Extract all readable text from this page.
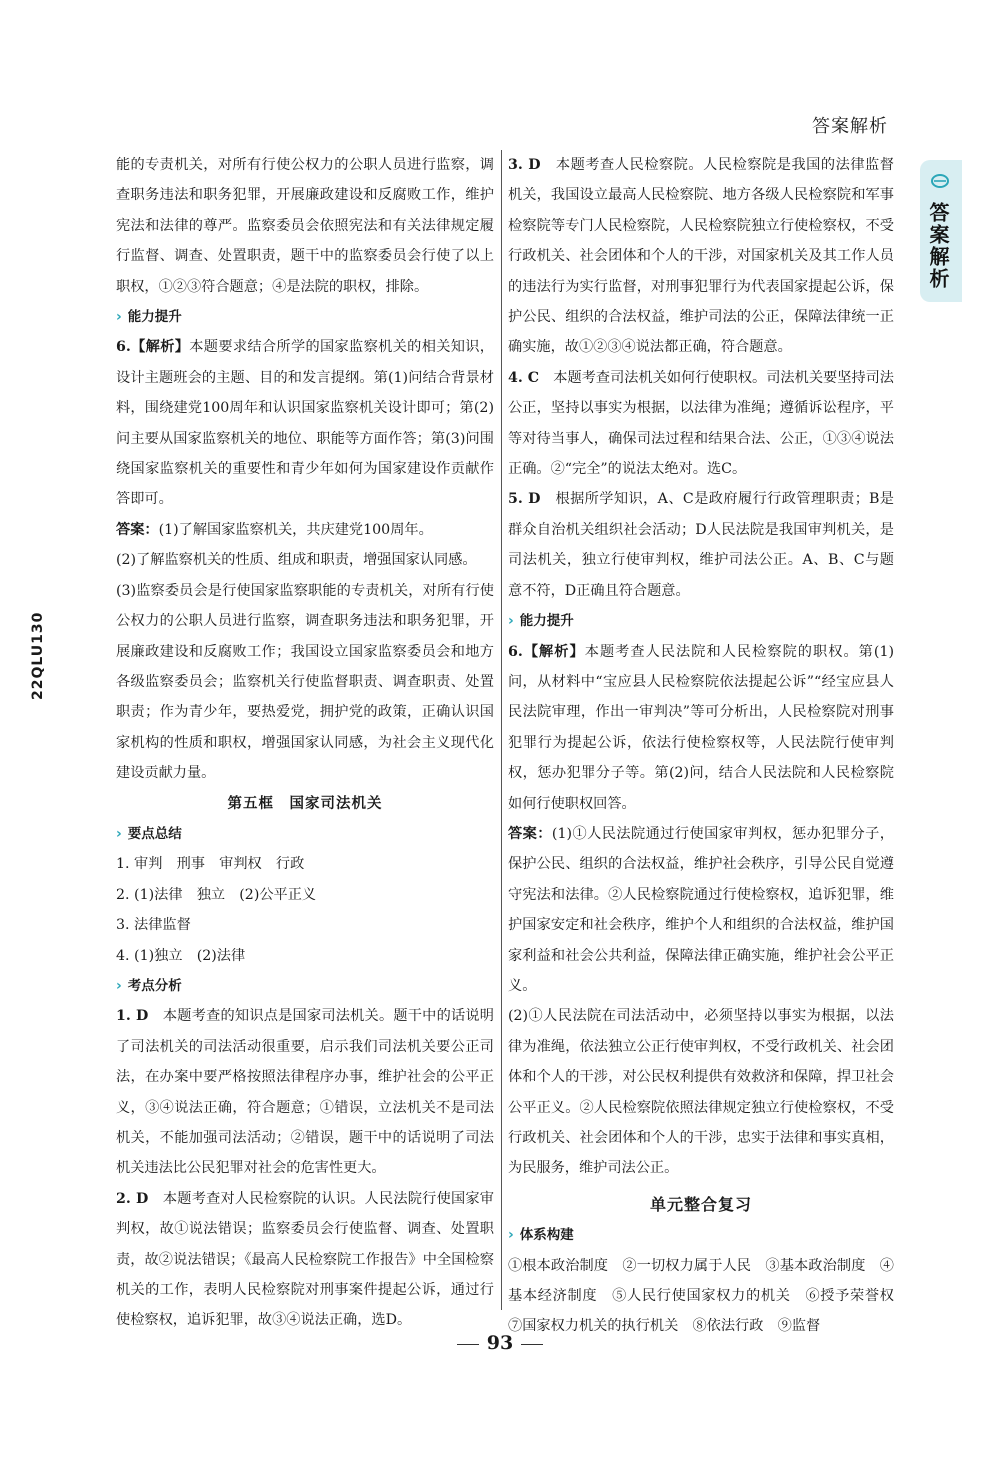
答案解析
答案解析
22QLU130

能的专责机关，对所有行使公权力的公职人员进行监察，调查职务违法和职务犯罪，开展廉政建设和反腐败工作，维护宪法和法律的尊严。监察委员会依照宪法和有关法律规定履行监督、调查、处置职责，题干中的监察委员会行使了以上职权，①②③符合题意；④是法院的职权，排除。

› 能力提升

6.【解析】本题要求结合所学的国家监察机关的相关知识，设计主题班会的主题、目的和发言提纲。第(1)问结合背景材料，围绕建党100周年和认识国家监察机关设计即可；第(2)问主要从国家监察机关的地位、职能等方面作答；第(3)问围绕国家监察机关的重要性和青少年如何为国家建设作贡献作答即可。

答案：(1)了解国家监察机关，共庆建党100周年。

(2)了解监察机关的性质、组成和职责，增强国家认同感。

(3)监察委员会是行使国家监察职能的专责机关，对所有行使公权力的公职人员进行监察，调查职务违法和职务犯罪，开展廉政建设和反腐败工作；我国设立国家监察委员会和地方各级监察委员会；监察机关行使监督职责、调查职责、处置职责；作为青少年，要热爱党，拥护党的政策，正确认识国家机构的性质和职权，增强国家认同感，为社会主义现代化建设贡献力量。

第五框　国家司法机关

› 要点总结

1. 审判　刑事　审判权　行政

2. (1)法律　独立　(2)公平正义

3. 法律监督

4. (1)独立　(2)法律

› 考点分析

1. D　 本题考查的知识点是国家司法机关。题干中的话说明了司法机关的司法活动很重要，启示我们司法机关要公正司法，在办案中要严格按照法律程序办事，维护社会的公平正义，③④说法正确，符合题意；①错误，立法机关不是司法机关，不能加强司法活动；②错误，题干中的话说明了司法机关违法比公民犯罪对社会的危害性更大。

2. D　 本题考查对人民检察院的认识。人民法院行使国家审判权，故①说法错误；监察委员会行使监督、调查、处置职责，故②说法错误；《最高人民检察院工作报告》中全国检察机关的工作，表明人民检察院对刑事案件提起公诉，通过行使检察权，追诉犯罪，故③④说法正确，选D。

3. D　 本题考查人民检察院。人民检察院是我国的法律监督机关，我国设立最高人民检察院、地方各级人民检察院和军事检察院等专门人民检察院，人民检察院独立行使检察权，不受行政机关、社会团体和个人的干涉，对国家机关及其工作人员的违法行为实行监督，对刑事犯罪行为代表国家提起公诉，保护公民、组织的合法权益，维护司法的公正，保障法律统一正确实施，故①②③④说法都正确，符合题意。

4. C　 本题考查司法机关如何行使职权。司法机关要坚持司法公正，坚持以事实为根据，以法律为准绳；遵循诉讼程序，平等对待当事人，确保司法过程和结果合法、公正，①③④说法正确。②“完全”的说法太绝对。选C。

5. D　 根据所学知识，A、C是政府履行行政管理职责；B是群众自治机关组织社会活动；D人民法院是我国审判机关，是司法机关，独立行使审判权，维护司法公正。A、B、C与题意不符，D正确且符合题意。

› 能力提升

6.【解析】本题考查人民法院和人民检察院的职权。第(1)问，从材料中“宝应县人民检察院依法提起公诉”“经宝应县人民法院审理，作出一审判决”等可分析出，人民检察院对刑事犯罪行为提起公诉，依法行使检察权等，人民法院行使审判权，惩办犯罪分子等。第(2)问，结合人民法院和人民检察院如何行使职权回答。

答案：(1)①人民法院通过行使国家审判权，惩办犯罪分子，保护公民、组织的合法权益，维护社会秩序，引导公民自觉遵守宪法和法律。②人民检察院通过行使检察权，追诉犯罪，维护国家安定和社会秩序，维护个人和组织的合法权益，维护国家利益和社会公共利益，保障法律正确实施，维护社会公平正义。

(2)①人民法院在司法活动中，必须坚持以事实为根据，以法律为准绳，依法独立公正行使审判权，不受行政机关、社会团体和个人的干涉，对公民权利提供有效救济和保障，捍卫社会公平正义。②人民检察院依照法律规定独立行使检察权，不受行政机关、社会团体和个人的干涉，忠实于法律和事实真相，为民服务，维护司法公正。

单元整合复习

› 体系构建

①根本政治制度　②一切权力属于人民　③基本政治制度　④基本经济制度　⑤人民行使国家权力的机关　⑥授予荣誉权　⑦国家权力机关的执行机关　⑧依法行政　⑨监督

93
